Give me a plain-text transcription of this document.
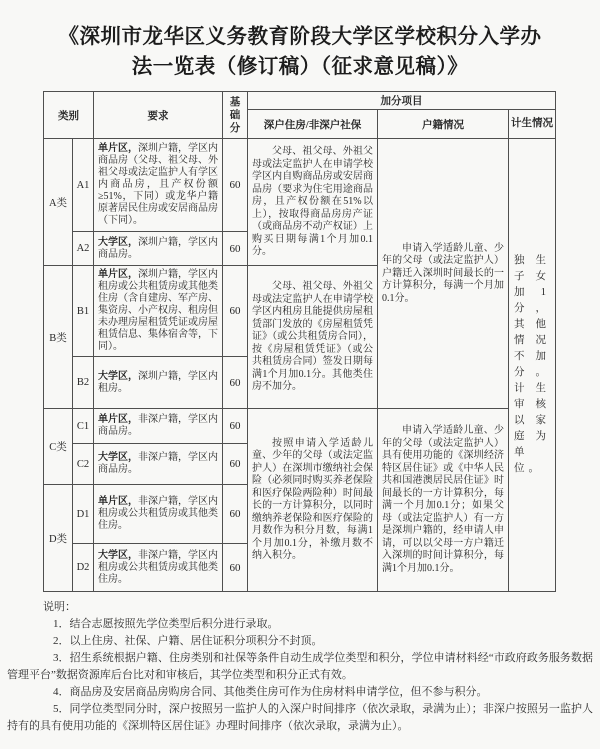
《深圳市龙华区义务教育阶段大学区学校积分入学办
法一览表（修订稿）（征求意见稿）》
类别		要求	基础分	加分项目		
				深户住房/非深户社保	户籍情况	计生情况
A类	A1	单片区，深圳户籍，学区内商品房（父母、祖父母、外祖父母或法定监护人有学区内商品房，且产权份额≥51%，下同）或龙华户籍原著居民住房或安居商品房（下同）。	60	父母、祖父母、外祖父母或法定监护人在申请学校学区内自购商品房或安居商品房（要求为住宅用途商品房，且产权份额在51%以上），按取得商品房房产证（或商品房不动产权证）上购买日期每满1个月加0.1分。	申请入学适龄儿童、少年的父母（或法定监护人）户籍迁入深圳时间最长的一方计算积分，每满一个月加0.1分。	独生子女加1分，其他情况不加分。计生审核以家庭为单位。
	A2	大学区，深圳户籍，学区内商品房。	60			
B类	B1	单片区，深圳户籍，学区内租房或公共租赁房或其他类住房（含自建房、军产房、集资房、小产权房、租房但未办理房屋租赁凭证或房屋租赁信息、集体宿舍等，下同）。	60	父母、祖父母、外祖父母或法定监护人在申请学校学区内租房且能提供房屋租赁部门发放的《房屋租赁凭证》（或公共租赁房合同），按《房屋租赁凭证》（或公共租赁房合同）签发日期每满1个月加0.1分。其他类住房不加分。		
	B2	大学区，深圳户籍，学区内租房。	60			
C类	C1	单片区，非深户籍，学区内商品房。	60	按照申请入学适龄儿童、少年的父母（或法定监护人）在深圳市缴纳社会保险（必须同时购买养老保险和医疗保险两险种）时间最长的一方计算积分，以同时缴纳养老保险和医疗保险的月数作为积分月数，每满1个月加0.1分，补缴月数不纳入积分。	申请入学适龄儿童、少年的父母（或法定监护人）具有使用功能的《深圳经济特区居住证》或《中华人民共和国港澳居民居住证》时间最长的一方计算积分，每满一个月加0.1分；如果父母（或法定监护人）有一方是深圳户籍的，经申请人申请，可以以父母一方户籍迁入深圳的时间计算积分，每满1个月加0.1分。	
	C2	大学区，非深户籍，学区内商品房。	60			
D类	D1	单片区，非深户籍，学区内租房或公共租赁房或其他类住房。	60			
	D2	大学区，非深户籍，学区内租房或公共租赁房或其他类住房。	60			
说明：

1．结合志愿按照先学位类型后积分进行录取。

2．以上住房、社保、户籍、居住证积分项积分不封顶。

3．招生系统根据户籍、住房类别和社保等条件自动生成学位类型和积分，学位申请材料经“市政府政务服务数据管理平台”数据资源库后台比对和审核后，其学位类型和积分正式有效。

4．商品房及安居商品房购房合同、其他类住房可作为住房材料申请学位，但不参与积分。

5．同学位类型同分时，深户按照另一监护人的入深户时间排序（依次录取，录满为止）；非深户按照另一监护人持有的具有使用功能的《深圳特区居住证》办理时间排序（依次录取，录满为止）。
